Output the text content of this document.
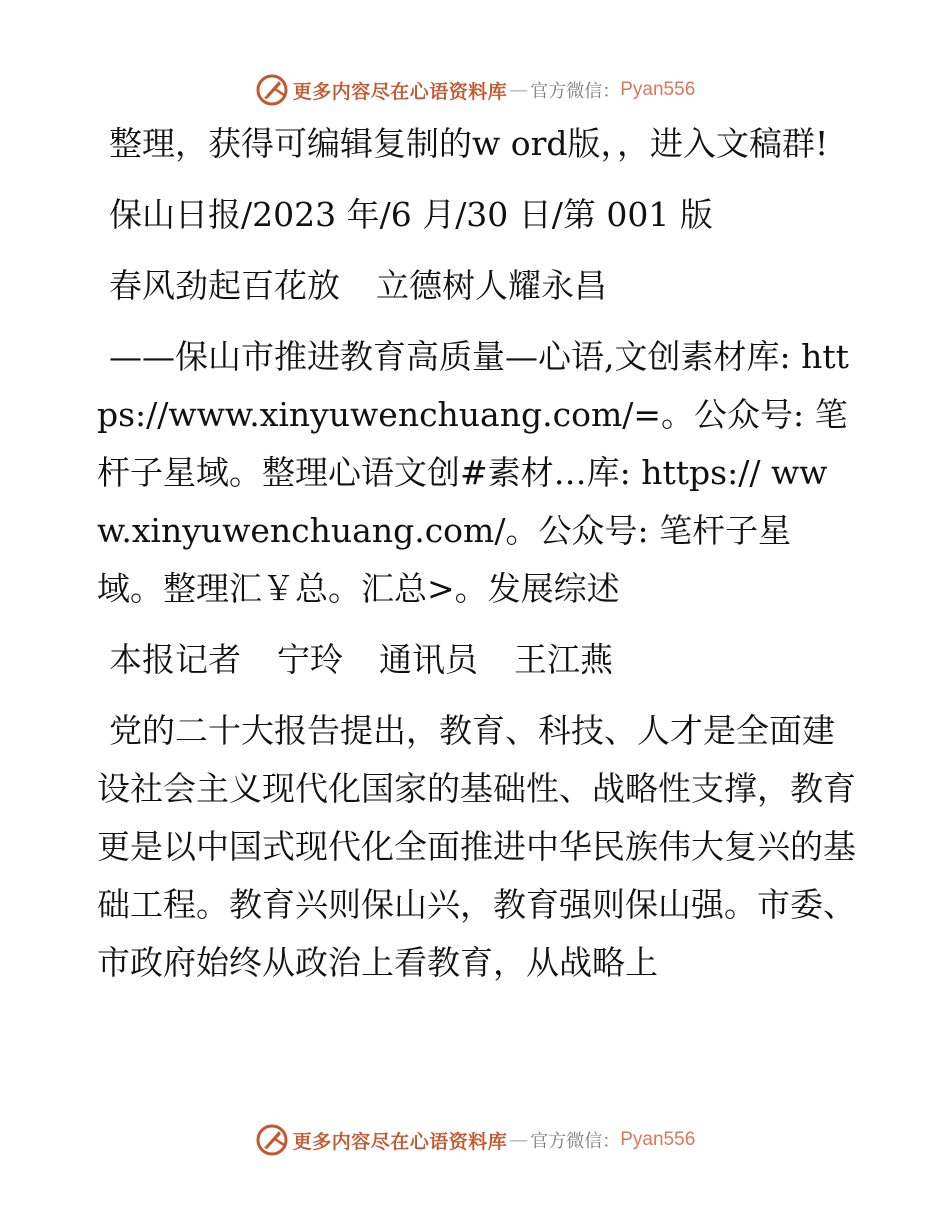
更多内容尽在心语资料库 — 官方微信： Pyan556

整理，获得可编辑复制的w ord版，，进入文稿群!

保山日报/2023 年/6 月/30 日/第 001 版

春风劲起百花放 立德树人耀永昌

——保山市推进教育高质量—心语,文创素材库: https://www.xinyuwenchuang.com/=。公众号: 笔杆子星域。整理心语文创#素材…库: https:// www.xinyuwenchuang.com/。公众号: 笔杆子星域。整理汇￥总。汇总>。发展综述

本报记者 宁玲 通讯员 王江燕

党的二十大报告提出，教育、科技、人才是全面建设社会主义现代化国家的基础性、战略性支撑，教育更是以中国式现代化全面推进中华民族伟大复兴的基础工程。教育兴则保山兴，教育强则保山强。市委、市政府始终从政治上看教育，从战略上

更多内容尽在心语资料库 — 官方微信： Pyan556
